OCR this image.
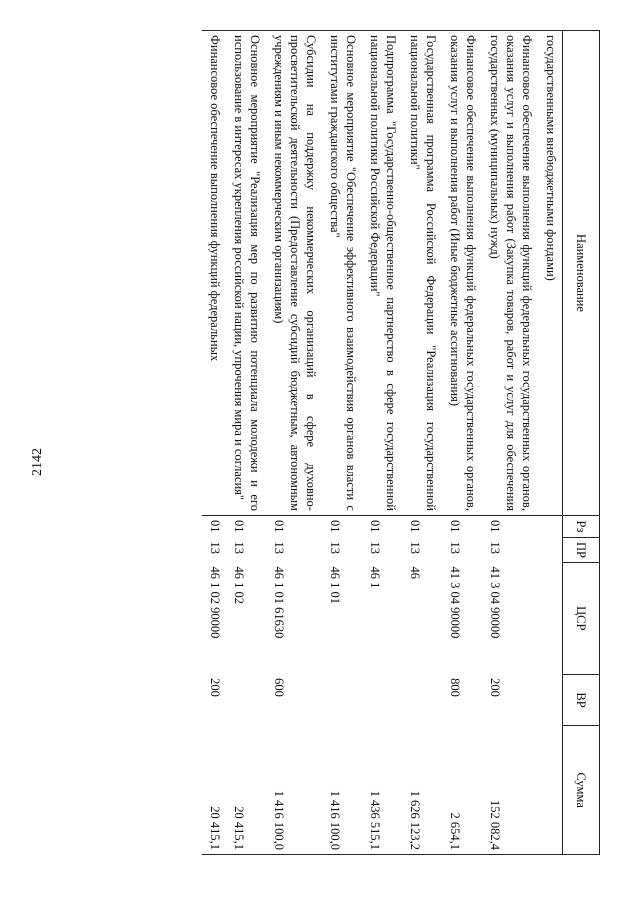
2142
Наименование	Рз	ПР	ЦСР	ВР	Сумма
государственными внебюджетными фондами)					
Финансовое обеспечение выполнения функций федеральных государственных органов, оказания услуг и выполнения работ (Закупка товаров, работ и услуг для обеспечения государственных (муниципальных) нужд)	01	13	41 3 04 90000	200	152 082,4
Финансовое обеспечение выполнения функций федеральных государственных органов, оказания услуг и выполнения работ (Иные бюджетные ассигнования)	01	13	41 3 04 90000	800	2 654,1
Государственная программа Российской Федерации "Реализация государственной национальной политики"	01	13	46		1 626 123,2
Подпрограмма "Государственно-общественное партнерство в сфере государственной национальной политики Российской Федерации"	01	13	46 1		1 436 515,1
Основное мероприятие "Обеспечение эффективного взаимодействия органов власти с институтами гражданского общества"	01	13	46 1 01		1 416 100,0
Субсидии на поддержку некоммерческих организаций в сфере духовно-просветительской деятельности (Предоставление субсидий бюджетным, автономным учреждениям и иным некоммерческим организациям)	01	13	46 1 01 61630	600	1 416 100,0
Основное мероприятие "Реализация мер по развитию потенциала молодежи и его использование в интересах укрепления российской нации, упрочения мира и согласия"	01	13	46 1 02		20 415,1
Финансовое обеспечение выполнения функций федеральных	01	13	46 1 02 90000	200	20 415,1
